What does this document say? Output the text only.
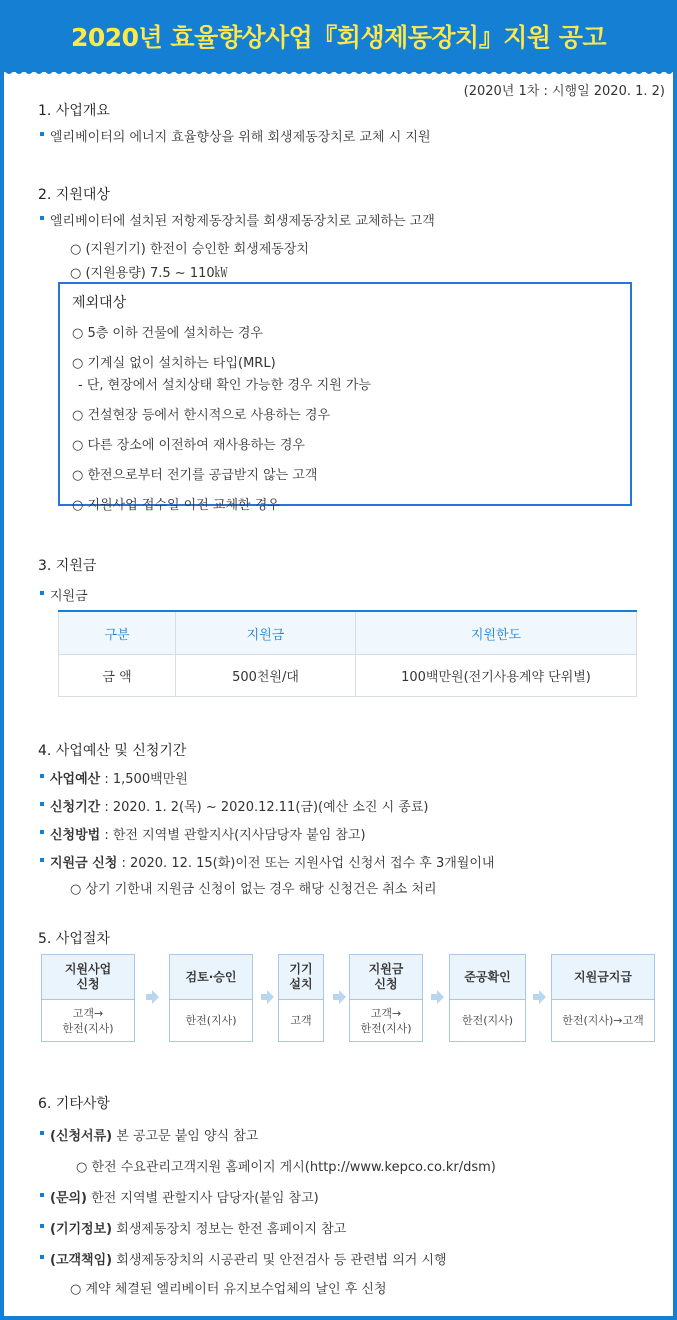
2020년 효율향상사업『회생제동장치』지원 공고
(2020년 1차 : 시행일 2020. 1. 2)

1. 사업개요

엘리베이터의 에너지 효율향상을 위해 회생제동장치로 교체 시 지원

2. 지원대상

엘리베이터에 설치된 저항제동장치를 회생제동장치로 교체하는 고객
○ (지원기기) 한전이 승인한 회생제동장치
○ (지원용량) 7.5 ~ 110㎾

제외대상

○ 5층 이하 건물에 설치하는 경우
○ 기계실 없이 설치하는 타입(MRL)
- 단, 현장에서 설치상태 확인 가능한 경우 지원 가능
○ 건설현장 등에서 한시적으로 사용하는 경우
○ 다른 장소에 이전하여 재사용하는 경우
○ 한전으로부터 전기를 공급받지 않는 고객
○ 지원사업 접수일 이전 교체한 경우

3. 지원금

지원금
구분	지원금	지원한도
금 액	500천원/대	100백만원(전기사용계약 단위별)

4. 사업예산 및 신청기간

사업예산 : 1,500백만원
신청기간 : 2020. 1. 2(목) ~ 2020.12.11(금)(예산 소진 시 종료)
신청방법 : 한전 지역별 관할지사(지사담당자 붙임 참고)
지원금 신청 : 2020. 12. 15(화)이전 또는 지원사업 신청서 접수 후 3개월이내
○ 상기 기한내 지원금 신청이 없는 경우 해당 신청건은 취소 처리

5. 사업절차

지원사업
신청
고객→
한전(지사)
검토·승인
한전(지사)
기기
설치
고객
지원금
신청
고객→
한전(지사)
준공확인
한전(지사)
지원금지급
한전(지사)→고객

6. 기타사항

(신청서류) 본 공고문 붙임 양식 참고
○ 한전 수요관리고객지원 홈페이지 게시(http://www.kepco.co.kr/dsm)
(문의) 한전 지역별 관할지사 담당자(붙임 참고)
(기기정보) 회생제동장치 정보는 한전 홈페이지 참고
(고객책임) 회생제동장치의 시공관리 및 안전검사 등 관련법 의거 시행
○ 계약 체결된 엘리베이터 유지보수업체의 날인 후 신청
